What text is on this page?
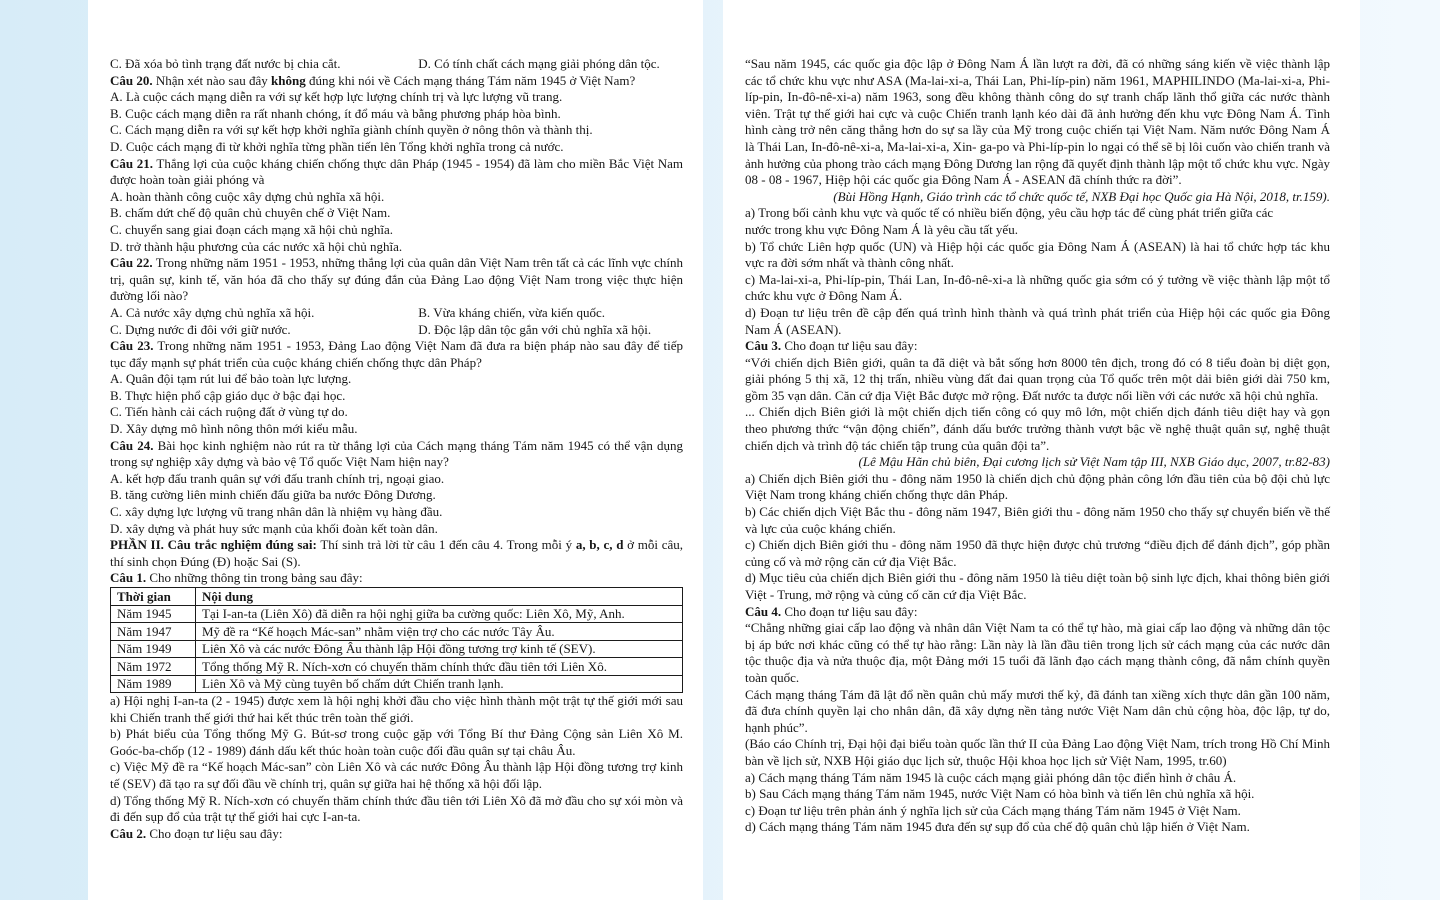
C. Đã xóa bỏ tình trạng đất nước bị chia cắt.	D. Có tính chất cách mạng giải phóng dân tộc.

Câu 20. Nhận xét nào sau đây không đúng khi nói về Cách mạng tháng Tám năm 1945 ở Việt Nam?

A. Là cuộc cách mạng diễn ra với sự kết hợp lực lượng chính trị và lực lượng vũ trang.

B. Cuộc cách mạng diễn ra rất nhanh chóng, ít đổ máu và bằng phương pháp hòa bình.

C. Cách mạng diễn ra với sự kết hợp khởi nghĩa giành chính quyền ở nông thôn và thành thị.

D. Cuộc cách mạng đi từ khởi nghĩa từng phần tiến lên Tổng khởi nghĩa trong cả nước.

Câu 21. Thắng lợi của cuộc kháng chiến chống thực dân Pháp (1945 - 1954) đã làm cho miền Bắc Việt Nam được hoàn toàn giải phóng và

A. hoàn thành công cuộc xây dựng chủ nghĩa xã hội.

B. chấm dứt chế độ quân chủ chuyên chế ở Việt Nam.

C. chuyển sang giai đoạn cách mạng xã hội chủ nghĩa.

D. trở thành hậu phương của các nước xã hội chủ nghĩa.

Câu 22. Trong những năm 1951 - 1953, những thắng lợi của quân dân Việt Nam trên tất cả các lĩnh vực chính trị, quân sự, kinh tế, văn hóa đã cho thấy sự đúng đắn của Đảng Lao động Việt Nam trong việc thực hiện đường lối nào?

A. Cả nước xây dựng chủ nghĩa xã hội.	B. Vừa kháng chiến, vừa kiến quốc.
C. Dựng nước đi đôi với giữ nước.	D. Độc lập dân tộc gắn với chủ nghĩa xã hội.

Câu 23. Trong những năm 1951 - 1953, Đảng Lao động Việt Nam đã đưa ra biện pháp nào sau đây để tiếp tục đẩy mạnh sự phát triển của cuộc kháng chiến chống thực dân Pháp?

A. Quân đội tạm rút lui để bảo toàn lực lượng.

B. Thực hiện phổ cập giáo dục ở bậc đại học.

C. Tiến hành cải cách ruộng đất ở vùng tự do.

D. Xây dựng mô hình nông thôn mới kiểu mẫu.

Câu 24. Bài học kinh nghiệm nào rút ra từ thắng lợi của Cách mạng tháng Tám năm 1945 có thể vận dụng trong sự nghiệp xây dựng và bảo vệ Tổ quốc Việt Nam hiện nay?

A. kết hợp đấu tranh quân sự với đấu tranh chính trị, ngoại giao.

B. tăng cường liên minh chiến đấu giữa ba nước Đông Dương.

C. xây dựng lực lượng vũ trang nhân dân là nhiệm vụ hàng đầu.

D. xây dựng và phát huy sức mạnh của khối đoàn kết toàn dân.

PHẦN II. Câu trắc nghiệm đúng sai: Thí sinh trả lời từ câu 1 đến câu 4. Trong mỗi ý a, b, c, d ở mỗi câu, thí sinh chọn Đúng (Đ) hoặc Sai (S).

Câu 1. Cho những thông tin trong bảng sau đây:

Thời gian	Nội dung
Năm 1945	Tại I-an-ta (Liên Xô) đã diễn ra hội nghị giữa ba cường quốc: Liên Xô, Mỹ, Anh.
Năm 1947	Mỹ đề ra “Kế hoạch Mác-san” nhằm viện trợ cho các nước Tây Âu.
Năm 1949	Liên Xô và các nước Đông Âu thành lập Hội đồng tương trợ kinh tế (SEV).
Năm 1972	Tổng thống Mỹ R. Ních-xơn có chuyến thăm chính thức đầu tiên tới Liên Xô.
Năm 1989	Liên Xô và Mỹ cùng tuyên bố chấm dứt Chiến tranh lạnh.

a) Hội nghị I-an-ta (2 - 1945) được xem là hội nghị khởi đầu cho việc hình thành một trật tự thế giới mới sau khi Chiến tranh thế giới thứ hai kết thúc trên toàn thế giới.

b) Phát biểu của Tổng thống Mỹ G. Bút-sơ trong cuộc gặp với Tổng Bí thư Đảng Cộng sản Liên Xô M. Goóc-ba-chốp (12 - 1989) đánh dấu kết thúc hoàn toàn cuộc đối đầu quân sự tại châu Âu.

c) Việc Mỹ đề ra “Kế hoạch Mác-san” còn Liên Xô và các nước Đông Âu thành lập Hội đồng tương trợ kinh tế (SEV) đã tạo ra sự đối đầu về chính trị, quân sự giữa hai hệ thống xã hội đối lập.

d) Tổng thống Mỹ R. Ních-xơn có chuyến thăm chính thức đầu tiên tới Liên Xô đã mở đầu cho sự xói mòn và đi đến sụp đổ của trật tự thế giới hai cực I-an-ta.

Câu 2. Cho đoạn tư liệu sau đây:

“Sau năm 1945, các quốc gia độc lập ở Đông Nam Á lần lượt ra đời, đã có những sáng kiến về việc thành lập các tổ chức khu vực như ASA (Ma-lai-xi-a, Thái Lan, Phi-líp-pin) năm 1961, MAPHILINDO (Ma-lai-xi-a, Phi-líp-pin, In-đô-nê-xi-a) năm 1963, song đều không thành công do sự tranh chấp lãnh thổ giữa các nước thành viên. Trật tự thế giới hai cực và cuộc Chiến tranh lạnh kéo dài đã ảnh hưởng đến khu vực Đông Nam Á. Tình hình càng trở nên căng thẳng hơn do sự sa lầy của Mỹ trong cuộc chiến tại Việt Nam. Năm nước Đông Nam Á là Thái Lan, In-đô-nê-xi-a, Ma-lai-xi-a, Xin- ga-po và Phi-líp-pin lo ngại có thể sẽ bị lôi cuốn vào chiến tranh và ảnh hưởng của phong trào cách mạng Đông Dương lan rộng đã quyết định thành lập một tổ chức khu vực. Ngày 08 - 08 - 1967, Hiệp hội các quốc gia Đông Nam Á - ASEAN đã chính thức ra đời”.

(Bùi Hồng Hạnh, Giáo trình các tổ chức quốc tế, NXB Đại học Quốc gia Hà Nội, 2018, tr.159).

a) Trong bối cảnh khu vực và quốc tế có nhiều biến động, yêu cầu hợp tác để cùng phát triển giữa các
nước trong khu vực Đông Nam Á là yêu cầu tất yếu.

b) Tổ chức Liên hợp quốc (UN) và Hiệp hội các quốc gia Đông Nam Á (ASEAN) là hai tổ chức hợp tác khu vực ra đời sớm nhất và thành công nhất.

c) Ma-lai-xi-a, Phi-líp-pin, Thái Lan, In-đô-nê-xi-a là những quốc gia sớm có ý tưởng về việc thành lập một tổ chức khu vực ở Đông Nam Á.

d) Đoạn tư liệu trên đề cập đến quá trình hình thành và quá trình phát triển của Hiệp hội các quốc gia Đông Nam Á (ASEAN).

Câu 3. Cho đoạn tư liệu sau đây:

“Với chiến dịch Biên giới, quân ta đã diệt và bắt sống hơn 8000 tên địch, trong đó có 8 tiểu đoàn bị diệt gọn, giải phóng 5 thị xã, 12 thị trấn, nhiều vùng đất đai quan trọng của Tổ quốc trên một dải biên giới dài 750 km, gồm 35 vạn dân. Căn cứ địa Việt Bắc được mở rộng. Đất nước ta được nối liền với các nước xã hội chủ nghĩa.

... Chiến dịch Biên giới là một chiến dịch tiến công có quy mô lớn, một chiến dịch đánh tiêu diệt hay và gọn theo phương thức “vận động chiến”, đánh dấu bước trưởng thành vượt bậc về nghệ thuật quân sự, nghệ thuật chiến dịch và trình độ tác chiến tập trung của quân đội ta”.

(Lê Mậu Hãn chủ biên, Đại cương lịch sử Việt Nam tập III, NXB Giáo dục, 2007, tr.82-83)

a) Chiến dịch Biên giới thu - đông năm 1950 là chiến dịch chủ động phản công lớn đầu tiên của bộ đội chủ lực Việt Nam trong kháng chiến chống thực dân Pháp.

b) Các chiến dịch Việt Bắc thu - đông năm 1947, Biên giới thu - đông năm 1950 cho thấy sự chuyển biến về thế và lực của cuộc kháng chiến.

c) Chiến dịch Biên giới thu - đông năm 1950 đã thực hiện được chủ trương “điều địch để đánh địch”, góp phần củng cố và mở rộng căn cứ địa Việt Bắc.

d) Mục tiêu của chiến dịch Biên giới thu - đông năm 1950 là tiêu diệt toàn bộ sinh lực địch, khai thông biên giới Việt - Trung, mở rộng và củng cố căn cứ địa Việt Bắc.

Câu 4. Cho đoạn tư liệu sau đây:

“Chẳng những giai cấp lao động và nhân dân Việt Nam ta có thể tự hào, mà giai cấp lao động và những dân tộc bị áp bức nơi khác cũng có thể tự hào rằng: Lần này là lần đầu tiên trong lịch sử cách mạng của các nước dân tộc thuộc địa và nửa thuộc địa, một Đảng mới 15 tuổi đã lãnh đạo cách mạng thành công, đã nắm chính quyền toàn quốc.

Cách mạng tháng Tám đã lật đổ nền quân chủ mấy mươi thế kỷ, đã đánh tan xiềng xích thực dân gần 100 năm, đã đưa chính quyền lại cho nhân dân, đã xây dựng nền tảng nước Việt Nam dân chủ cộng hòa, độc lập, tự do, hạnh phúc”.

(Báo cáo Chính trị, Đại hội đại biểu toàn quốc lần thứ II của Đảng Lao động Việt Nam, trích trong Hồ Chí Minh bàn về lịch sử, NXB Hội giáo dục lịch sử, thuộc Hội khoa học lịch sử Việt Nam, 1995, tr.60)

a) Cách mạng tháng Tám năm 1945 là cuộc cách mạng giải phóng dân tộc điển hình ở châu Á.

b) Sau Cách mạng tháng Tám năm 1945, nước Việt Nam có hòa bình và tiến lên chủ nghĩa xã hội.

c) Đoạn tư liệu trên phản ánh ý nghĩa lịch sử của Cách mạng tháng Tám năm 1945 ở Việt Nam.

d) Cách mạng tháng Tám năm 1945 đưa đến sự sụp đổ của chế độ quân chủ lập hiến ở Việt Nam.
